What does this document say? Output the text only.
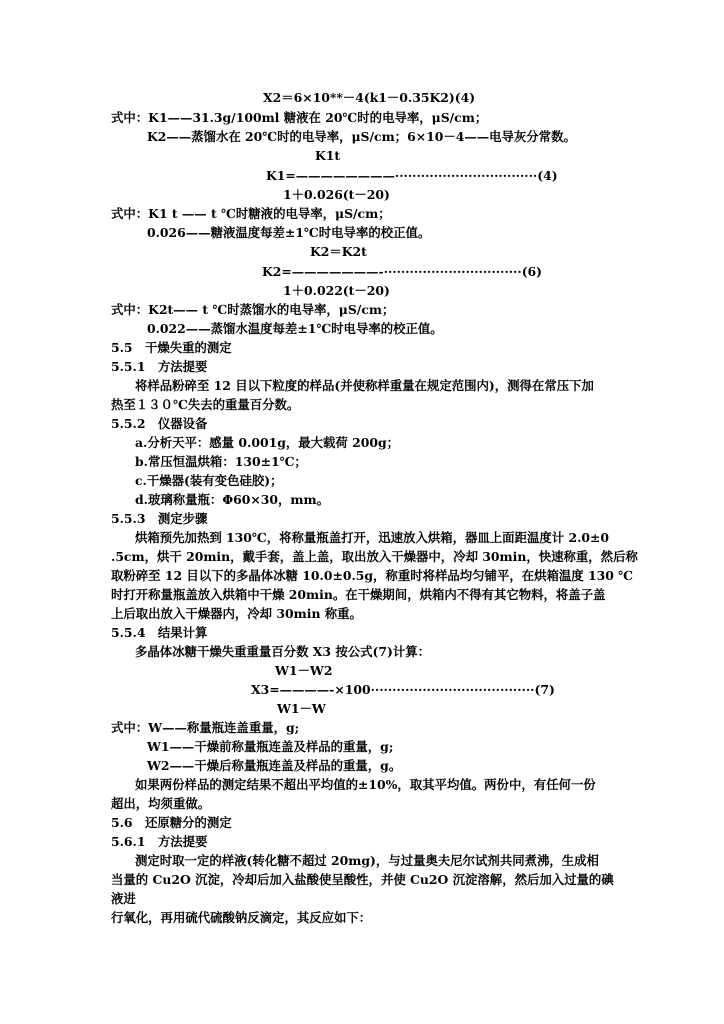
X2＝6×10**－4(k1－0.35K2)(4)
式中：K1——31.3g/100ml 糖液在 20℃时的电导率，μS/cm；
K2——蒸馏水在 20℃时的电导率，μS/cm；6×10－4——电导灰分常数。
K1t
K1=————————·································(4)
1＋0.026(t－20)
式中：K1 t —— t ℃时糖液的电导率，μS/cm；
0.026——糖液温度每差±1℃时电导率的校正值。
K2＝K2t
K2=———————-································(6)
1＋0.022(t－20)
式中：K2t—— t ℃时蒸馏水的电导率，μS/cm；
0.022——蒸馏水温度每差±1℃时电导率的校正值。
5.5　干燥失重的测定
5.5.1　方法提要
将样品粉碎至 12 目以下粒度的样品(并使称样重量在规定范围内)，测得在常压下加
热至１３０℃失去的重量百分数。
5.5.2　仪器设备
a.分析天平：感量 0.001g，最大载荷 200g；
b.常压恒温烘箱：130±1℃；
c.干燥器(装有变色硅胶)；
d.玻璃称量瓶：Φ60×30，mm。
5.5.3　测定步骤
烘箱预先加热到 130℃，将称量瓶盖打开，迅速放入烘箱，器皿上面距温度计 2.0±0
.5cm，烘干 20min，戴手套，盖上盖，取出放入干燥器中，冷却 30min，快速称重，然后称
取粉碎至 12 目以下的多晶体冰糖 10.0±0.5g，称重时将样品均匀铺平，在烘箱温度 130 ℃
时打开称量瓶盖放入烘箱中干燥 20min。在干燥期间，烘箱内不得有其它物料，将盖子盖
上后取出放入干燥器内，冷却 30min 称重。
5.5.4　结果计算
多晶体冰糖干燥失重重量百分数 X3 按公式(7)计算：
W1－W2
X3=————-×100······································(7)
W1－W
式中：W——称量瓶连盖重量，g;
W1——干燥前称量瓶连盖及样品的重量，g;
W2——干燥后称量瓶连盖及样品的重量，g。
如果两份样品的测定结果不超出平均值的±10%，取其平均值。两份中，有任何一份
超出，均须重做。
5.6　还原糖分的测定
5.6.1　方法提要
测定时取一定的样液(转化糖不超过 20mg)，与过量奥夫尼尔试剂共同煮沸，生成相
当量的 Cu2O 沉淀，冷却后加入盐酸使呈酸性，并使 Cu2O 沉淀溶解，然后加入过量的碘
液进
行氧化，再用硫代硫酸钠反滴定，其反应如下：
